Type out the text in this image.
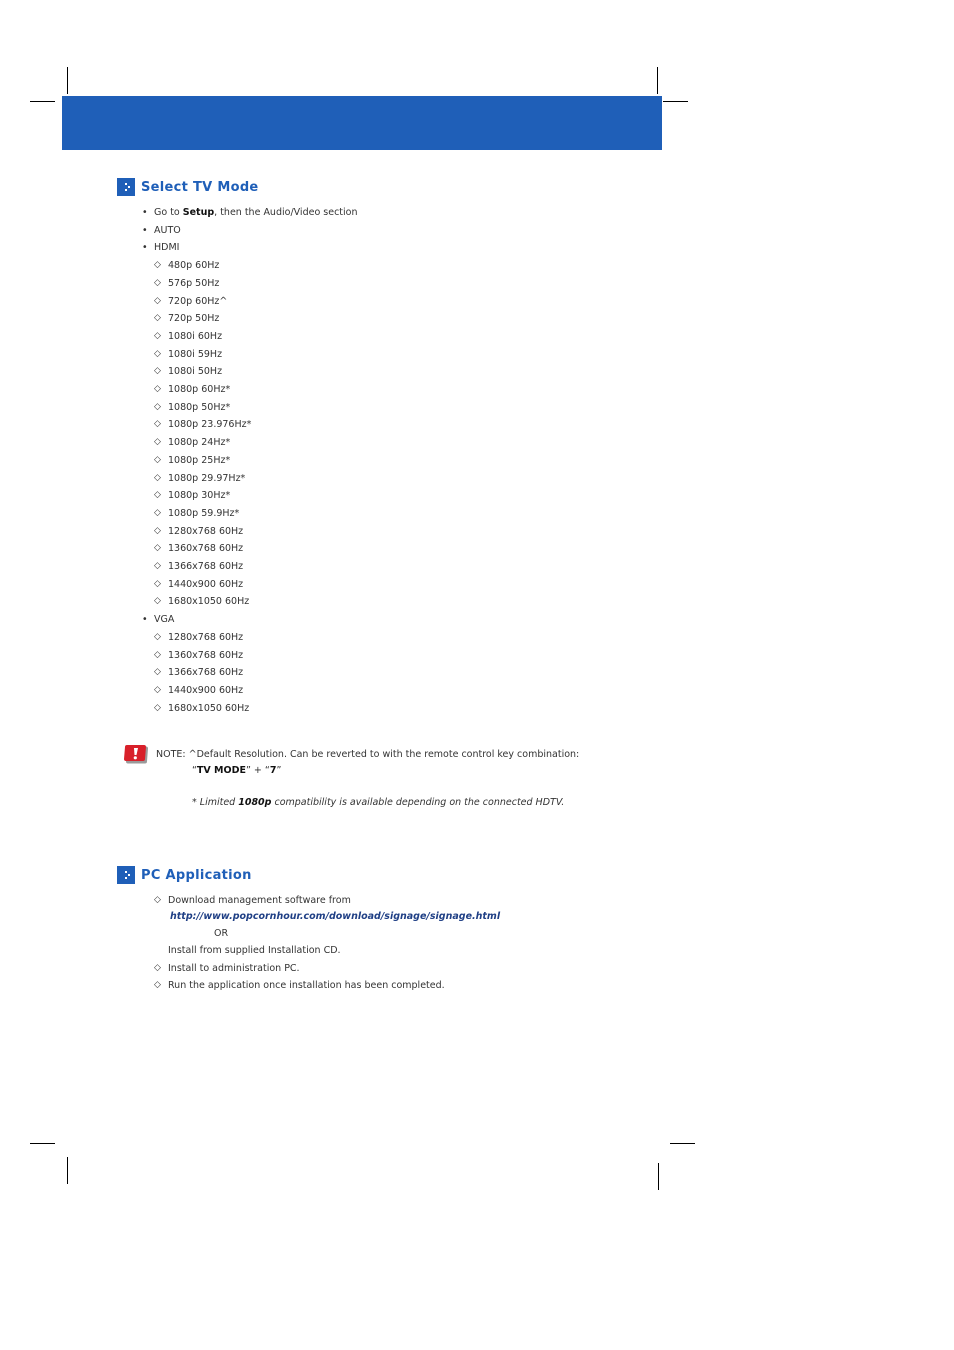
Select TV Mode
• Go to Setup, then the Audio/Video section
• AUTO
• HDMI
◇ 480p 60Hz
◇ 576p 50Hz
◇ 720p 60Hz^
◇ 720p 50Hz
◇ 1080i 60Hz
◇ 1080i 59Hz
◇ 1080i 50Hz
◇ 1080p 60Hz*
◇ 1080p 50Hz*
◇ 1080p 23.976Hz*
◇ 1080p 24Hz*
◇ 1080p 25Hz*
◇ 1080p 29.97Hz*
◇ 1080p 30Hz*
◇ 1080p 59.9Hz*
◇ 1280x768 60Hz
◇ 1360x768 60Hz
◇ 1366x768 60Hz
◇ 1440x900 60Hz
◇ 1680x1050 60Hz
• VGA
◇ 1280x768 60Hz
◇ 1360x768 60Hz
◇ 1366x768 60Hz
◇ 1440x900 60Hz
◇ 1680x1050 60Hz
NOTE: ^Default Resolution. Can be reverted to with the remote control key combination:
“TV MODE” + “7”
* Limited 1080p compatibility is available depending on the connected HDTV.
PC Application
◇ Download management software from
http://www.popcornhour.com/download/signage/signage.html
OR
Install from supplied Installation CD.
◇ Install to administration PC.
◇ Run the application once installation has been completed.
